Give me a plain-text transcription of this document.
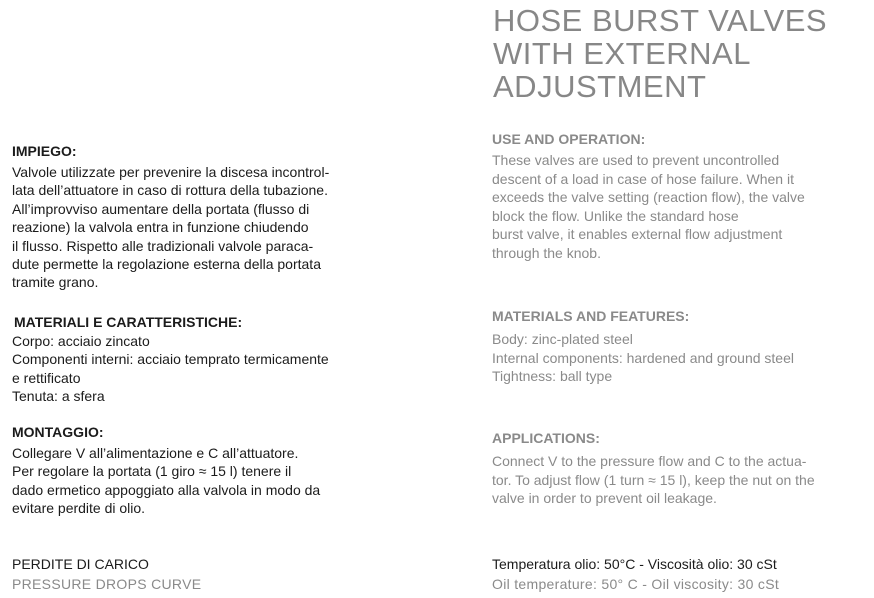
HOSE BURST VALVES
WITH EXTERNAL
ADJUSTMENT
IMPIEGO:
Valvole utilizzate per prevenire la discesa incontrol-
lata dell’attuatore in caso di rottura della tubazione.
All’improvviso aumentare della portata (flusso di
reazione) la valvola entra in funzione chiudendo
il flusso. Rispetto alle tradizionali valvole paraca-
dute permette la regolazione esterna della portata
tramite grano.
MATERIALI E CARATTERISTICHE:
Corpo: acciaio zincato
Componenti interni: acciaio temprato termicamente
e rettificato
Tenuta: a sfera
MONTAGGIO:
Collegare V all’alimentazione e C all’attuatore.
Per regolare la portata (1 giro ≈ 15 l) tenere il
dado ermetico appoggiato alla valvola in modo da
evitare perdite di olio.
USE AND OPERATION:
These valves are used to prevent uncontrolled
descent of a load in case of hose failure. When it
exceeds the valve setting (reaction flow), the valve
block the flow. Unlike the standard hose
burst valve, it enables external flow adjustment
through the knob.
MATERIALS AND FEATURES:
Body: zinc-plated steel
Internal components: hardened and ground steel
Tightness: ball type
APPLICATIONS:
Connect V to the pressure flow and C to the actua-
tor. To adjust flow (1 turn ≈ 15 l), keep the nut on the
valve in order to prevent oil leakage.
PERDITE DI CARICO
PRESSURE DROPS CURVE
Temperatura olio: 50°C - Viscosità olio: 30 cSt
Oil temperature: 50° C - Oil viscosity: 30 cSt
